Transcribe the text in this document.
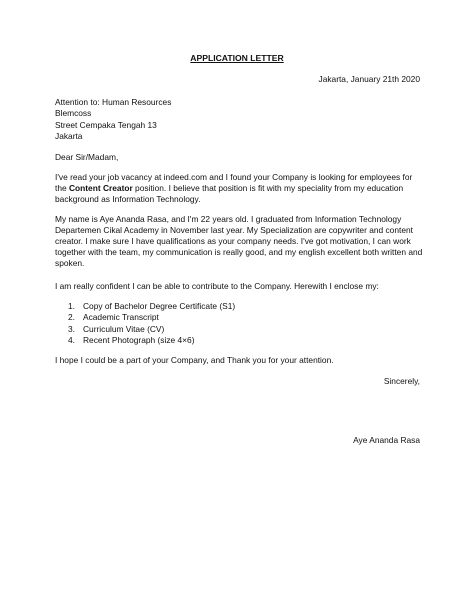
APPLICATION LETTER
Jakarta, January 21th 2020
Attention to: Human Resources
Blemcoss
Street Cempaka Tengah 13
Jakarta
Dear Sir/Madam,
I've read your job vacancy at indeed.com and I found your Company is looking for employees for the Content Creator position. I believe that position is fit with my speciality from my education background as Information Technology.
My name is Aye Ananda Rasa, and I'm 22 years old. I graduated from Information Technology Departemen Cikal Academy in November last year. My Specialization are copywriter and content creator. I make sure I have qualifications as your company needs. I've got motivation, I can work together with the team, my communication is really good, and my english excellent both written and spoken.
I am really confident I can be able to contribute to the Company. Herewith I enclose my:
1. Copy of Bachelor Degree Certificate (S1)
2. Academic Transcript
3. Curriculum Vitae (CV)
4. Recent Photograph (size 4×6)
I hope I could be a part of your Company, and Thank you for your attention.
Sincerely,
Aye Ananda Rasa
